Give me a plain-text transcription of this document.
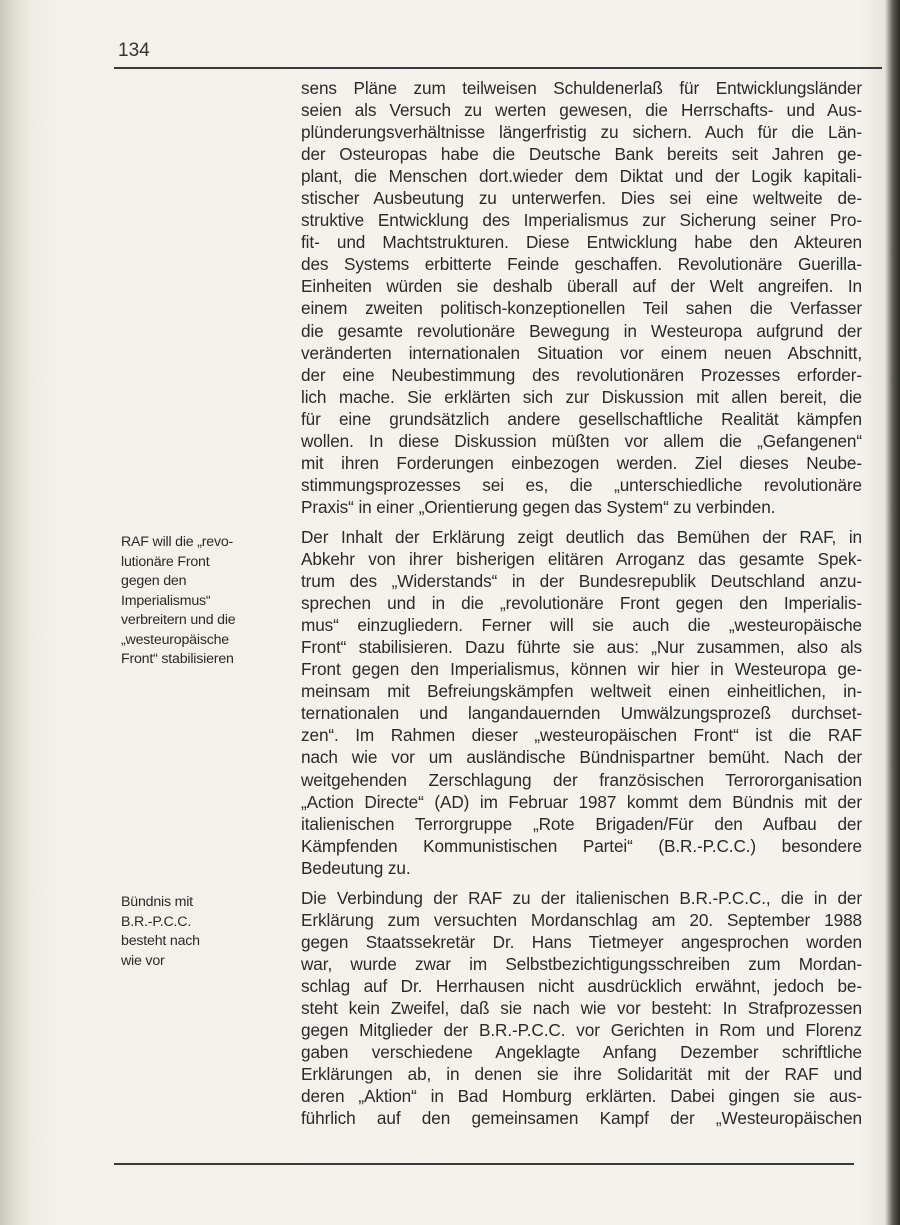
134
sens Pläne zum teilweisen Schuldenerlaß für Entwicklungsländer
seien als Versuch zu werten gewesen, die Herrschafts- und Aus-
plünderungsverhältnisse längerfristig zu sichern. Auch für die Län-
der Osteuropas habe die Deutsche Bank bereits seit Jahren ge-
plant, die Menschen dort.wieder dem Diktat und der Logik kapitali-
stischer Ausbeutung zu unterwerfen. Dies sei eine weltweite de-
struktive Entwicklung des Imperialismus zur Sicherung seiner Pro-
fit- und Machtstrukturen. Diese Entwicklung habe den Akteuren
des Systems erbitterte Feinde geschaffen. Revolutionäre Guerilla-
Einheiten würden sie deshalb überall auf der Welt angreifen. In
einem zweiten politisch-konzeptionellen Teil sahen die Verfasser
die gesamte revolutionäre Bewegung in Westeuropa aufgrund der
veränderten internationalen Situation vor einem neuen Abschnitt,
der eine Neubestimmung des revolutionären Prozesses erforder-
lich mache. Sie erklärten sich zur Diskussion mit allen bereit, die
für eine grundsätzlich andere gesellschaftliche Realität kämpfen
wollen. In diese Diskussion müßten vor allem die „Gefangenen“
mit ihren Forderungen einbezogen werden. Ziel dieses Neube-
stimmungsprozesses sei es, die „unterschiedliche revolutionäre
Praxis“ in einer „Orientierung gegen das System“ zu verbinden.
Der Inhalt der Erklärung zeigt deutlich das Bemühen der RAF, in
Abkehr von ihrer bisherigen elitären Arroganz das gesamte Spek-
trum des „Widerstands“ in der Bundesrepublik Deutschland anzu-
sprechen und in die „revolutionäre Front gegen den Imperialis-
mus“ einzugliedern. Ferner will sie auch die „westeuropäische
Front“ stabilisieren. Dazu führte sie aus: „Nur zusammen, also als
Front gegen den Imperialismus, können wir hier in Westeuropa ge-
meinsam mit Befreiungskämpfen weltweit einen einheitlichen, in-
ternationalen und langandauernden Umwälzungsprozeß durchset-
zen“. Im Rahmen dieser „westeuropäischen Front“ ist die RAF
nach wie vor um ausländische Bündnispartner bemüht. Nach der
weitgehenden Zerschlagung der französischen Terrororganisation
„Action Directe“ (AD) im Februar 1987 kommt dem Bündnis mit der
italienischen Terrorgruppe „Rote Brigaden/Für den Aufbau der
Kämpfenden Kommunistischen Partei“ (B.R.-P.C.C.) besondere
Bedeutung zu.
Die Verbindung der RAF zu der italienischen B.R.-P.C.C., die in der
Erklärung zum versuchten Mordanschlag am 20. September 1988
gegen Staatssekretär Dr. Hans Tietmeyer angesprochen worden
war, wurde zwar im Selbstbezichtigungsschreiben zum Mordan-
schlag auf Dr. Herrhausen nicht ausdrücklich erwähnt, jedoch be-
steht kein Zweifel, daß sie nach wie vor besteht: In Strafprozessen
gegen Mitglieder der B.R.-P.C.C. vor Gerichten in Rom und Florenz
gaben verschiedene Angeklagte Anfang Dezember schriftliche
Erklärungen ab, in denen sie ihre Solidarität mit der RAF und
deren „Aktion“ in Bad Homburg erklärten. Dabei gingen sie aus-
führlich auf den gemeinsamen Kampf der „Westeuropäischen
RAF will die „revo-
lutionäre Front
gegen den
Imperialismus“
verbreitern und die
„westeuropäische
Front“ stabilisieren
Bündnis mit
B.R.-P.C.C.
besteht nach
wie vor
